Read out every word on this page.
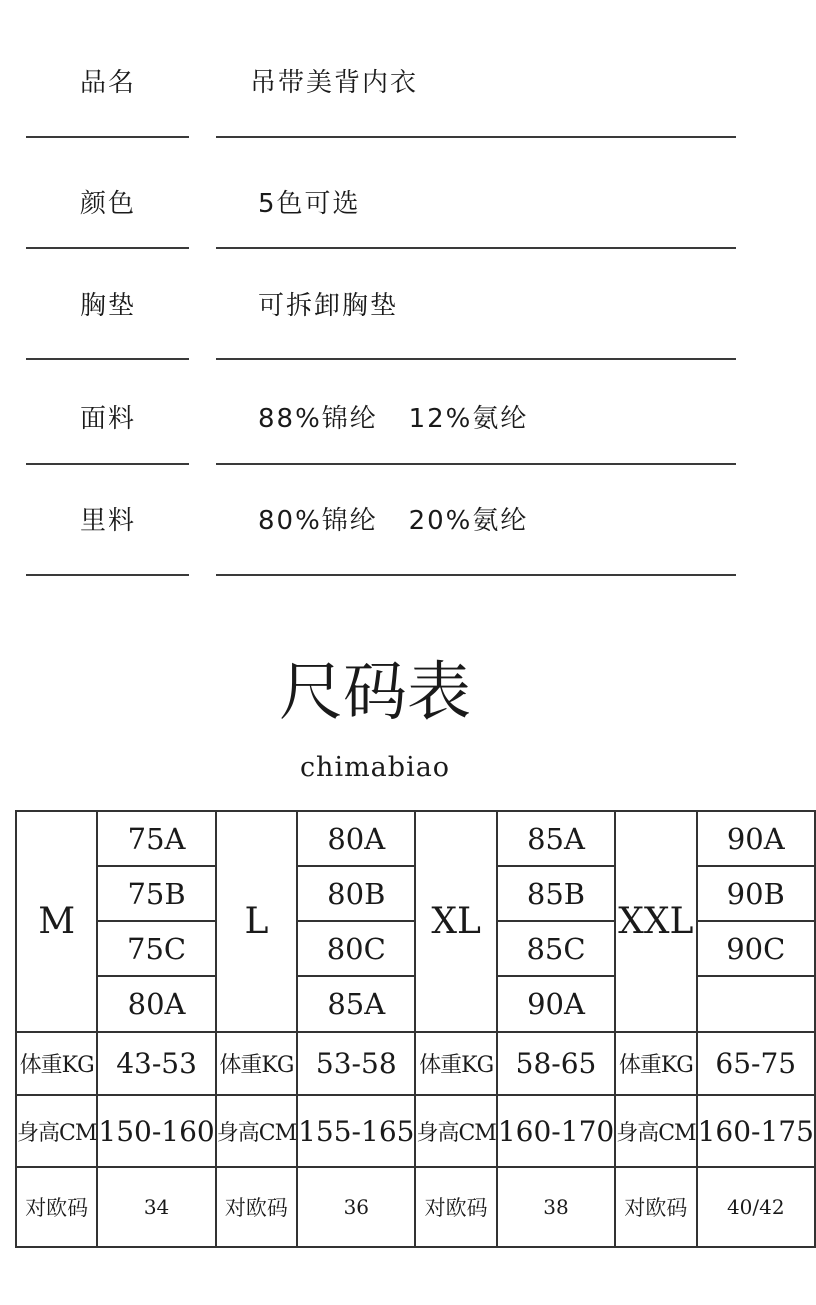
品名	吊带美背内衣
颜色	5色可选
胸垫	可拆卸胸垫
面料	88%锦纶   12%氨纶
里料	80%锦纶   20%氨纶
尺码表
chimabiao
M	75A	L	80A	XL	85A	XXL	90A
	75B		80B		85B		90B
	75C		80C		85C		90C
	80A		85A		90A		
体重KG	43-53	体重KG	53-58	体重KG	58-65	体重KG	65-75
身高CM	150-160	身高CM	155-165	身高CM	160-170	身高CM	160-175
对欧码	34	对欧码	36	对欧码	38	对欧码	40/42
